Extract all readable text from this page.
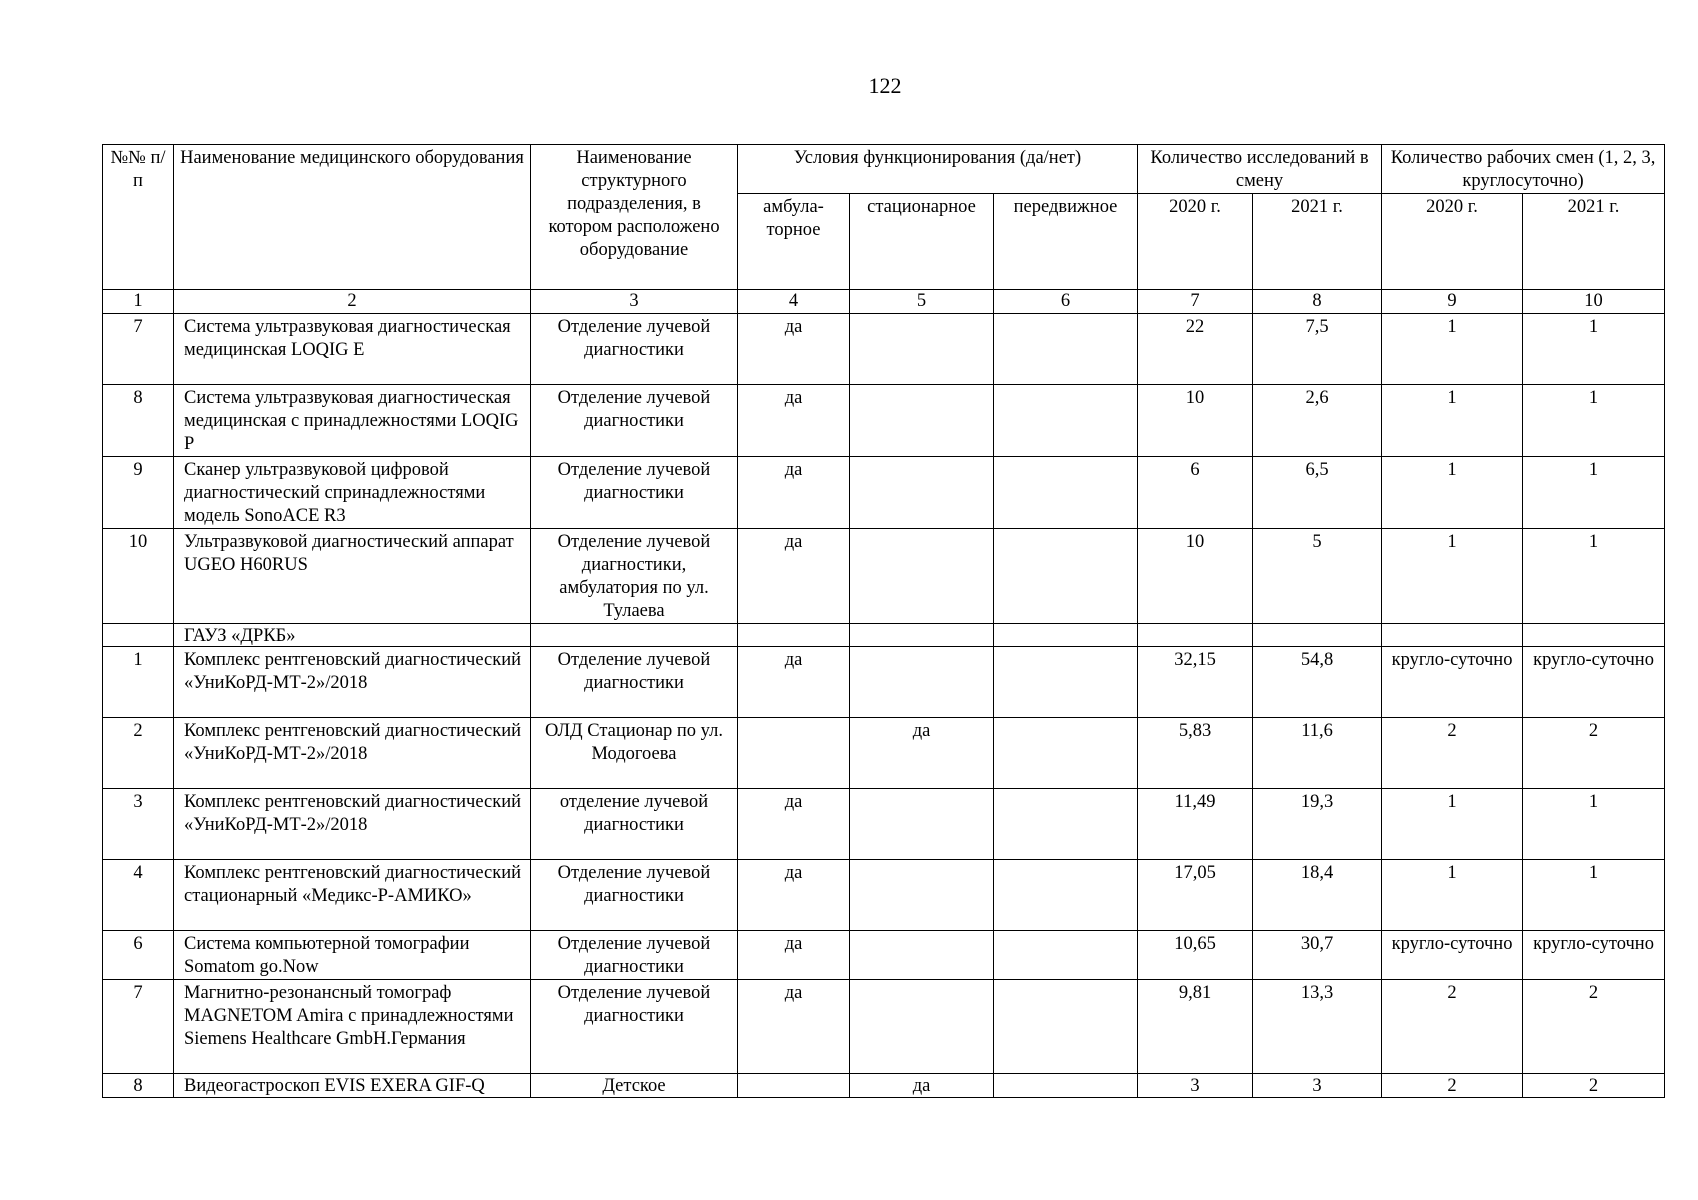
122
№№ п/п	Наименование медицинского оборудования	Наименование структурного подразделения, в котором расположено оборудование	Условия функционирования (да/нет)			Количество исследований в смену		Количество рабочих смен (1, 2, 3, круглосуточно)	
			амбула-торное	стационарное	передвижное	2020 г.	2021 г.	2020 г.	2021 г.
1	2	3	4	5	6	7	8	9	10
7	Система ультразвуковая диагностическая медицинская LOQIG E	Отделение лучевой диагностики	да			22	7,5	1	1
8	Система ультразвуковая диагностическая медицинская с принадлежностями LOQIG P	Отделение лучевой диагностики	да			10	2,6	1	1
9	Сканер ультразвуковой цифровой диагностический спринадлежностями модель SonoACE R3	Отделение лучевой диагностики	да			6	6,5	1	1
10	Ультразвуковой диагностический аппарат UGEO H60RUS	Отделение лучевой диагностики, амбулатория по ул. Тулаева	да			10	5	1	1
	ГАУЗ «ДРКБ»								
1	Комплекс рентгеновский диагностический «УниКоРД-МТ-2»/2018	Отделение лучевой диагностики	да			32,15	54,8	кругло-суточно	кругло-суточно
2	Комплекс рентгеновский диагностический «УниКоРД-МТ-2»/2018	ОЛД Стационар по ул. Модогоева		да		5,83	11,6	2	2
3	Комплекс рентгеновский диагностический «УниКоРД-МТ-2»/2018	отделение лучевой диагностики	да			11,49	19,3	1	1
4	Комплекс рентгеновский диагностический стационарный «Медикс-Р-АМИКО»	Отделение лучевой диагностики	да			17,05	18,4	1	1
6	Система компьютерной томографии Somatom go.Now	Отделение лучевой диагностики	да			10,65	30,7	кругло-суточно	кругло-суточно
7	Магнитно-резонансный томограф MAGNETOM Amira с принадлежностями Siemens Healthcare GmbH.Германия	Отделение лучевой диагностики	да			9,81	13,3	2	2
8	Видеогастроскоп EVIS EXERA GIF-Q	Детское		да		3	3	2	2
